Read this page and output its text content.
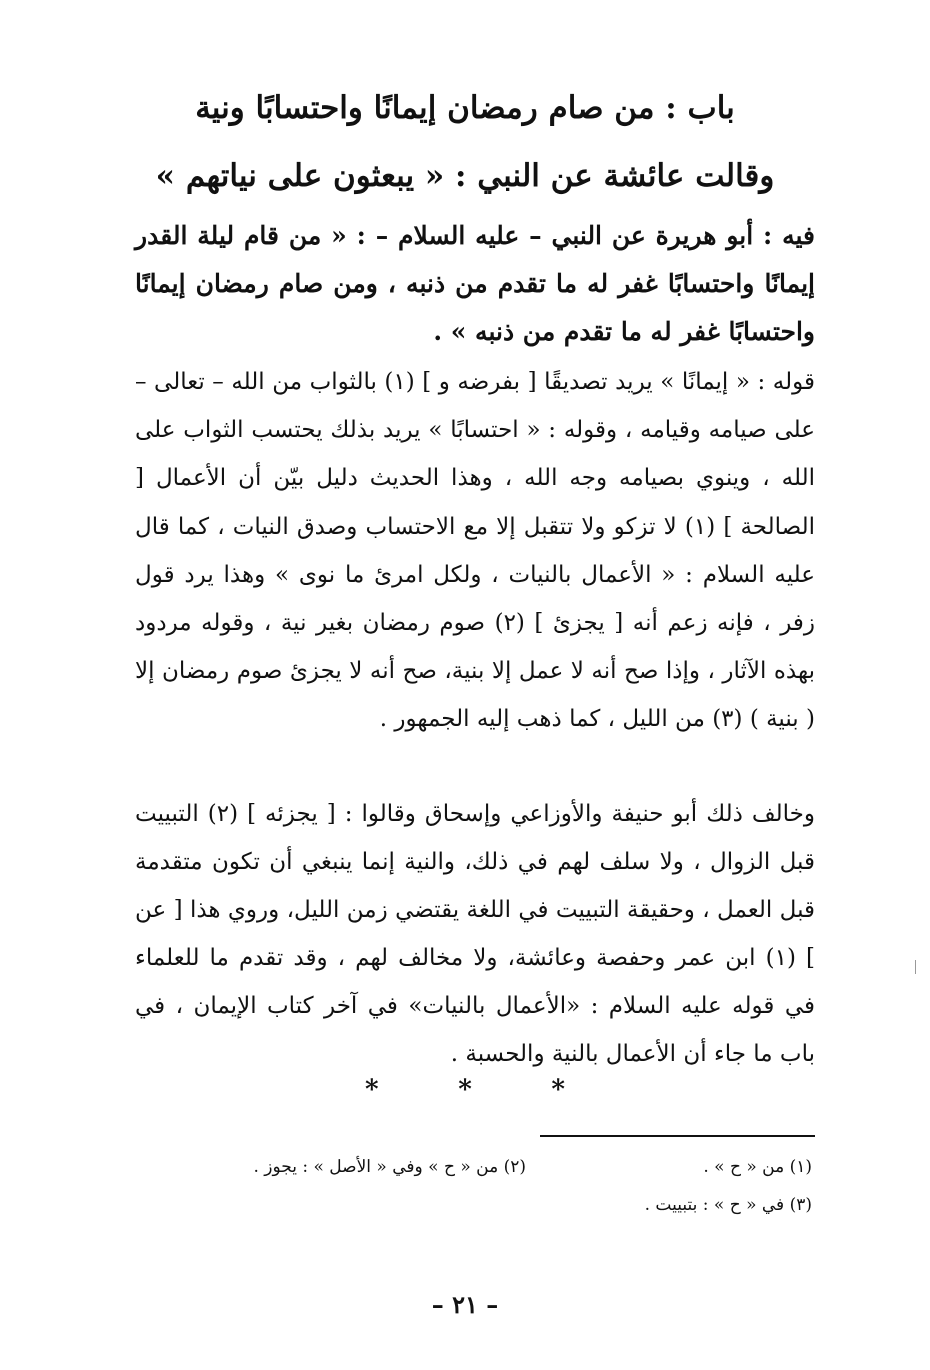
باب : من صام رمضان إيمانًا واحتسابًا ونية
وقالت عائشة عن النبي : « يبعثون على نياتهم »

فيه : أبو هريرة عن النبي – عليه السلام – : « من قام ليلة القدر إيمانًا واحتسابًا غفر له ما تقدم من ذنبه ، ومن صام رمضان إيمانًا واحتسابًا غفر له ما تقدم من ذنبه » .

قوله : « إيمانًا » يريد تصديقًا [ بفرضه و ] (١) بالثواب من الله – تعالى – على صيامه وقيامه ، وقوله : « احتسابًا » يريد بذلك يحتسب الثواب على الله ، وينوي بصيامه وجه الله ، وهذا الحديث دليل بيّن أن الأعمال [ الصالحة ] (١) لا تزكو ولا تتقبل إلا مع الاحتساب وصدق النيات ، كما قال عليه السلام : « الأعمال بالنيات ، ولكل امرئ ما نوى » وهذا يرد قول زفر ، فإنه زعم أنه [ يجزئ ] (٢) صوم رمضان بغير نية ، وقوله مردود بهذه الآثار ، وإذا صح أنه لا عمل إلا بنية، صح أنه لا يجزئ صوم رمضان إلا ( بنية ) (٣) من الليل ، كما ذهب إليه الجمهور .

وخالف ذلك أبو حنيفة والأوزاعي وإسحاق وقالوا : [ يجزئه ] (٢) التبييت قبل الزوال ، ولا سلف لهم في ذلك، والنية إنما ينبغي أن تكون متقدمة قبل العمل ، وحقيقة التبييت في اللغة يقتضي زمن الليل، وروي هذا [ عن ] (١) ابن عمر وحفصة وعائشة، ولا مخالف لهم ، وقد تقدم ما للعلماء في قوله عليه السلام : «الأعمال بالنيات» في آخر كتاب الإيمان ، في باب ما جاء أن الأعمال بالنية والحسبة .

*	*	*
(١) من « ح » .
(٢) من « ح » وفي « الأصل » : يجوز .
(٣) في « ح » : بتبييت .
– ٢١ –
